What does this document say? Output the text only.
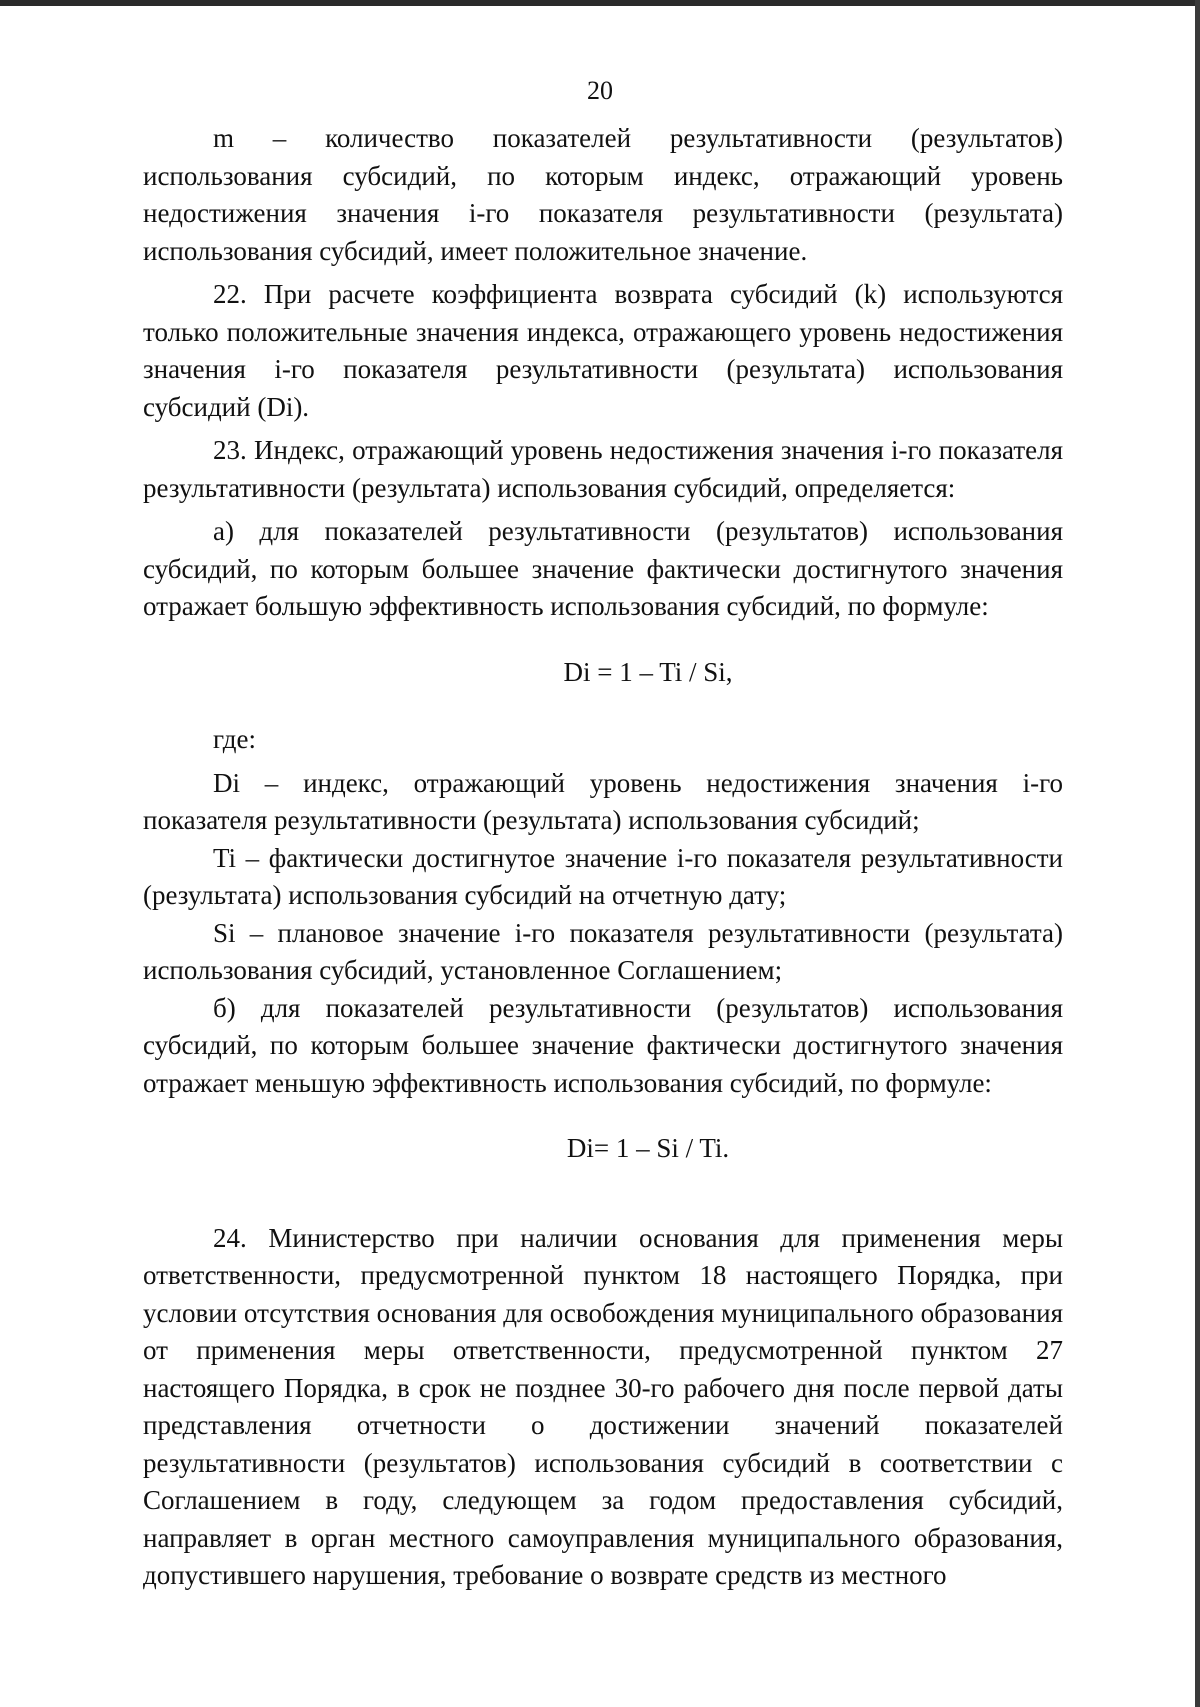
20

m – количество показателей результативности (результатов) использования субсидий, по которым индекс, отражающий уровень недостижения значения i-го показателя результативности (результата) использования субсидий, имеет положительное значение.

22. При расчете коэффициента возврата субсидий (k) используются только положительные значения индекса, отражающего уровень недостижения значения i-го показателя результативности (результата) использования субсидий (Di).

23. Индекс, отражающий уровень недостижения значения i-го показателя результативности (результата) использования субсидий, определяется:

а) для показателей результативности (результатов) использования субсидий, по которым большее значение фактически достигнутого значения отражает большую эффективность использования субсидий, по формуле:

Di = 1 – Ti / Si,

где:

Di – индекс, отражающий уровень недостижения значения i-го показателя результативности (результата) использования субсидий;

Ti – фактически достигнутое значение i-го показателя результативности (результата) использования субсидий на отчетную дату;

Si – плановое значение i-го показателя результативности (результата) использования субсидий, установленное Соглашением;

б) для показателей результативности (результатов) использования субсидий, по которым большее значение фактически достигнутого значения отражает меньшую эффективность использования субсидий, по формуле:

Di= 1 – Si / Ti.

24. Министерство при наличии основания для применения меры ответственности, предусмотренной пунктом 18 настоящего Порядка, при условии отсутствия основания для освобождения муниципального образования от применения меры ответственности, предусмотренной пунктом 27 настоящего Порядка, в срок не позднее 30-го рабочего дня после первой даты представления отчетности о достижении значений показателей результативности (результатов) использования субсидий в соответствии с Соглашением в году, следующем за годом предоставления субсидий, направляет в орган местного самоуправления муниципального образования, допустившего нарушения, требование о возврате средств из местного
